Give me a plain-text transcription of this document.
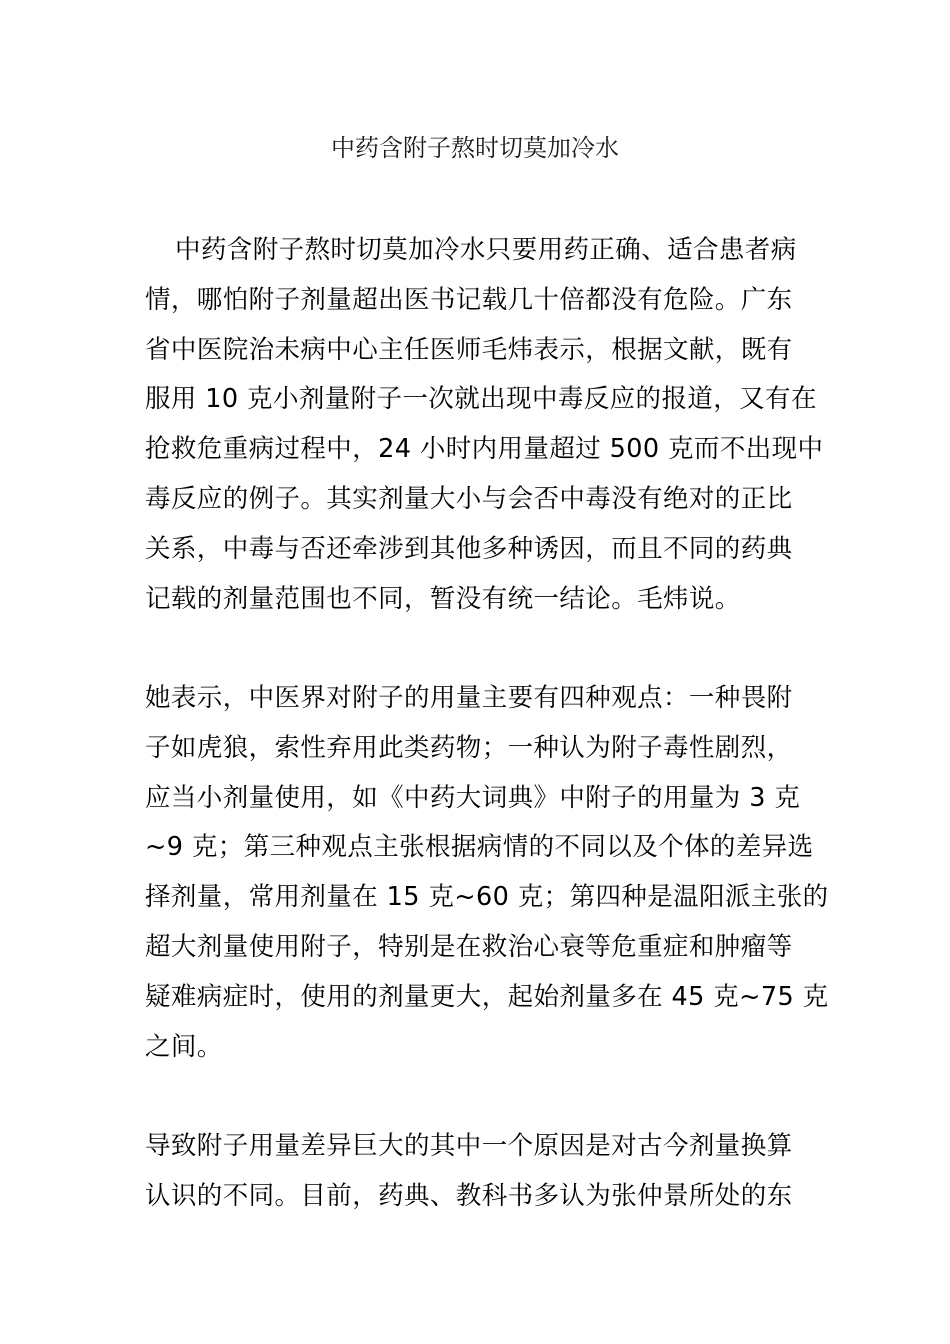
中药含附子熬时切莫加冷水

中药含附子熬时切莫加冷水只要用药正确、适合患者病
情，哪怕附子剂量超出医书记载几十倍都没有危险。广东
省中医院治未病中心主任医师毛炜表示，根据文献，既有
服用 10 克小剂量附子一次就出现中毒反应的报道，又有在
抢救危重病过程中，24 小时内用量超过 500 克而不出现中
毒反应的例子。其实剂量大小与会否中毒没有绝对的正比
关系，中毒与否还牵涉到其他多种诱因，而且不同的药典
记载的剂量范围也不同，暂没有统一结论。毛炜说。

她表示，中医界对附子的用量主要有四种观点：一种畏附
子如虎狼，索性弃用此类药物；一种认为附子毒性剧烈，
应当小剂量使用，如《中药大词典》中附子的用量为 3 克
~9 克；第三种观点主张根据病情的不同以及个体的差异选
择剂量，常用剂量在 15 克~60 克；第四种是温阳派主张的
超大剂量使用附子，特别是在救治心衰等危重症和肿瘤等
疑难病症时，使用的剂量更大，起始剂量多在 45 克~75 克
之间。

导致附子用量差异巨大的其中一个原因是对古今剂量换算
认识的不同。目前，药典、教科书多认为张仲景所处的东
